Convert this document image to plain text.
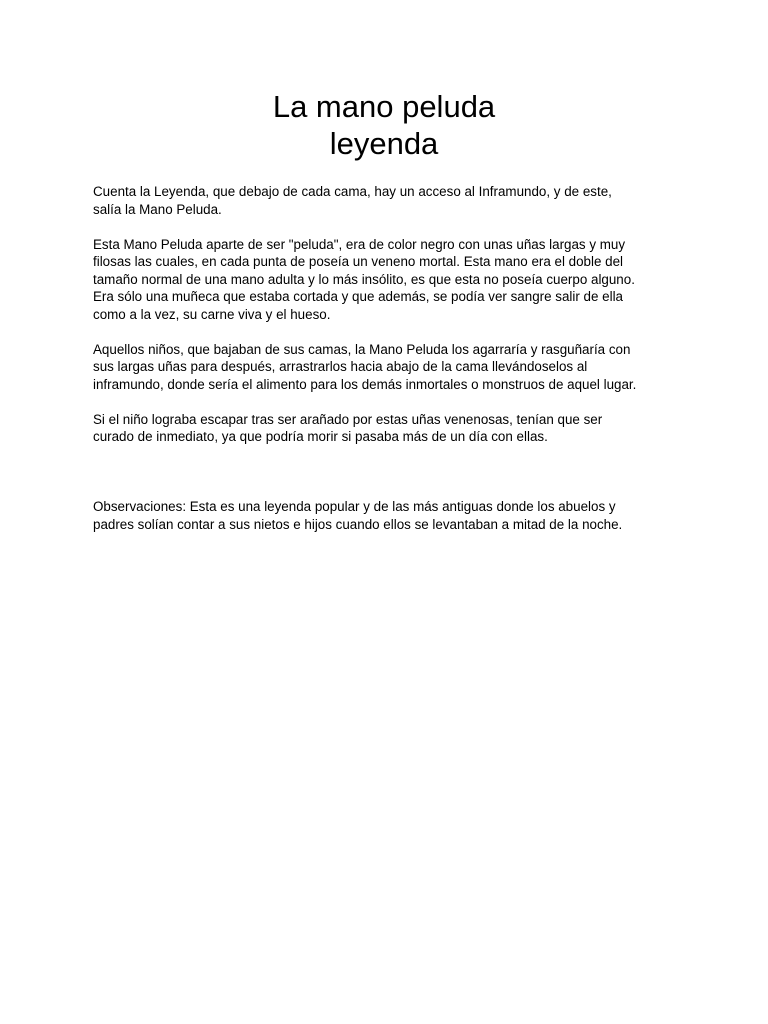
La mano peluda
leyenda

Cuenta la Leyenda, que debajo de cada cama, hay un acceso al Inframundo, y de este,
salía la Mano Peluda.

Esta Mano Peluda aparte de ser "peluda", era de color negro con unas uñas largas y muy
filosas las cuales, en cada punta de poseía un veneno mortal. Esta mano era el doble del
tamaño normal de una mano adulta y lo más insólito, es que esta no poseía cuerpo alguno.
Era sólo una muñeca que estaba cortada y que además, se podía ver sangre salir de ella
como a la vez, su carne viva y el hueso.

Aquellos niños, que bajaban de sus camas, la Mano Peluda los agarraría y rasguñaría con
sus largas uñas para después, arrastrarlos hacia abajo de la cama llevándoselos al
inframundo, donde sería el alimento para los demás inmortales o monstruos de aquel lugar.

Si el niño lograba escapar tras ser arañado por estas uñas venenosas, tenían que ser
curado de inmediato, ya que podría morir si pasaba más de un día con ellas.

Observaciones: Esta es una leyenda popular y de las más antiguas donde los abuelos y
padres solían contar a sus nietos e hijos cuando ellos se levantaban a mitad de la noche.
